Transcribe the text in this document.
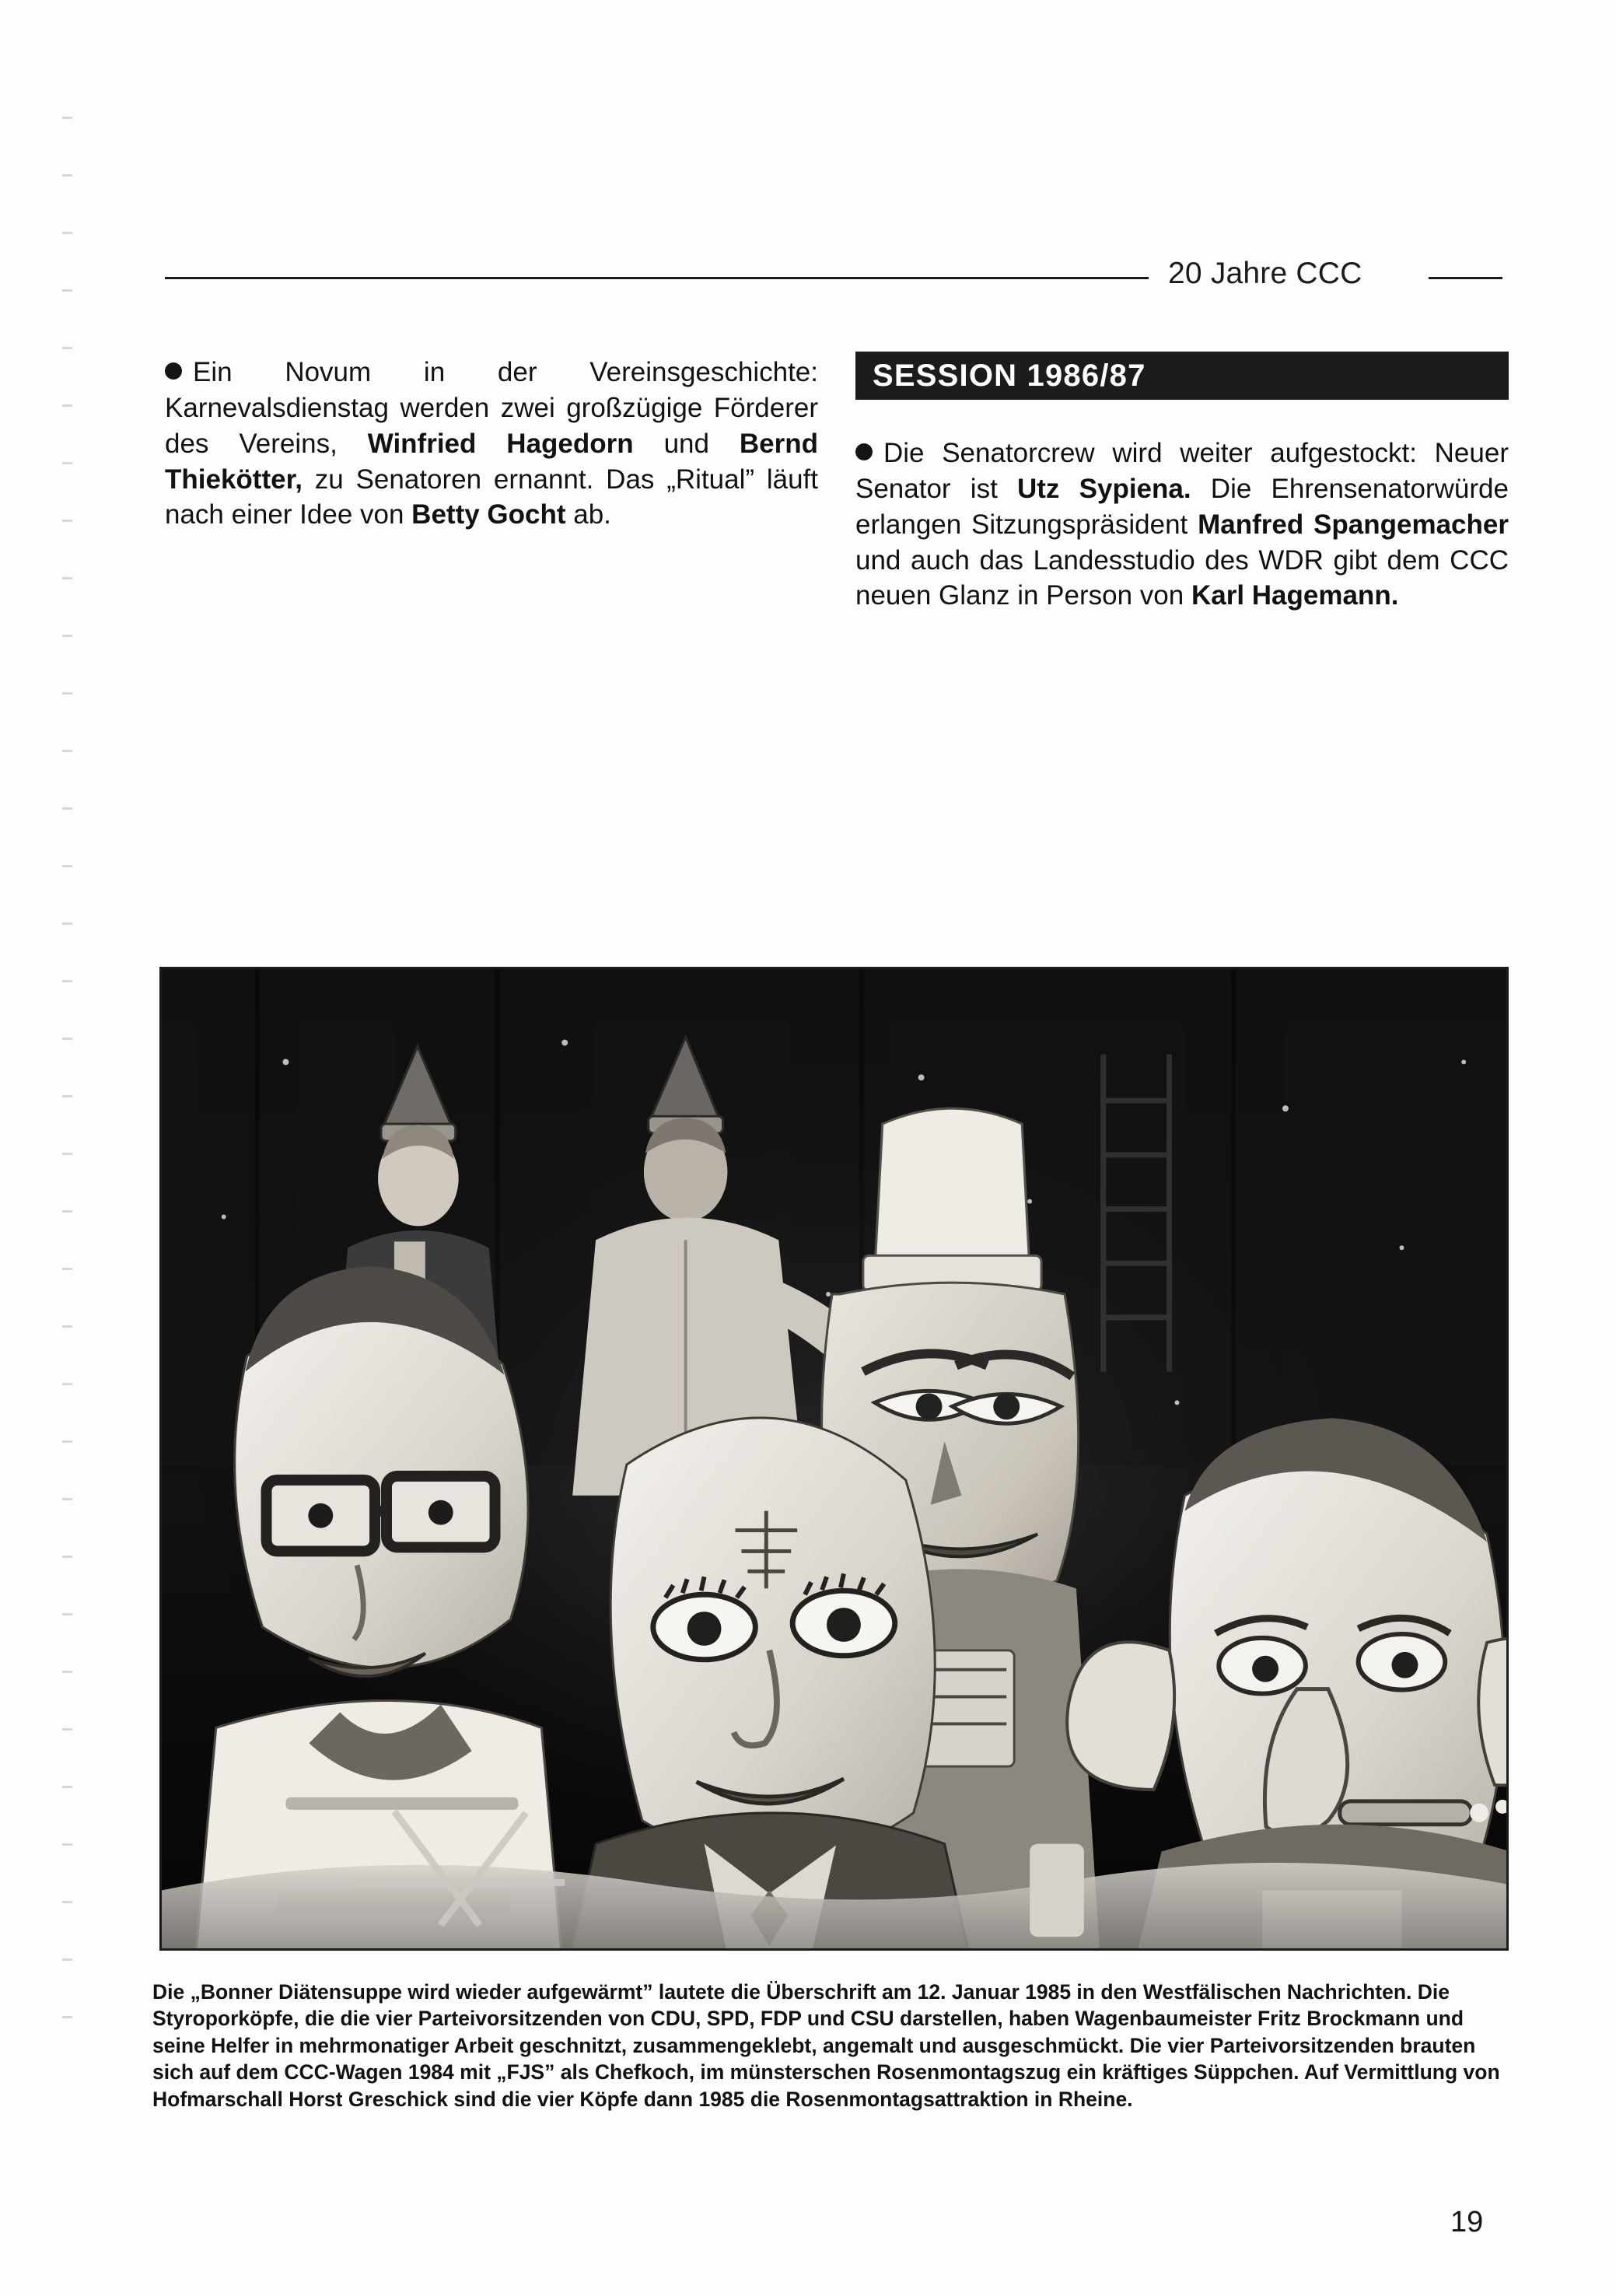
20 Jahre CCC
Ein Novum in der Vereinsgeschichte: Karnevalsdienstag werden zwei großzügige Förderer des Vereins, Winfried Hagedorn und Bernd Thiekötter, zu Senatoren ernannt. Das „Ritual” läuft nach einer Idee von Betty Gocht ab.
SESSION 1986/87
Die Senatorcrew wird weiter aufgestockt: Neuer Senator ist Utz Sypiena. Die Ehrensenatorwürde erlangen Sitzungspräsident Manfred Spangemacher und auch das Landesstudio des WDR gibt dem CCC neuen Glanz in Person von Karl Hagemann.
Die „Bonner Diätensuppe wird wieder aufgewärmt” lautete die Überschrift am 12. Januar 1985 in den Westfälischen Nachrichten. Die Styroporköpfe, die die vier Parteivorsitzenden von CDU, SPD, FDP und CSU darstellen, haben Wagenbaumeister Fritz Brockmann und seine Helfer in mehrmonatiger Arbeit geschnitzt, zusammengeklebt, angemalt und ausgeschmückt. Die vier Parteivorsitzenden brauten sich auf dem CCC-Wagen 1984 mit „FJS” als Chefkoch, im münsterschen Rosenmontagszug ein kräftiges Süppchen. Auf Vermittlung von Hofmarschall Horst Greschick sind die vier Köpfe dann 1985 die Rosenmontagsattraktion in Rheine.
19
